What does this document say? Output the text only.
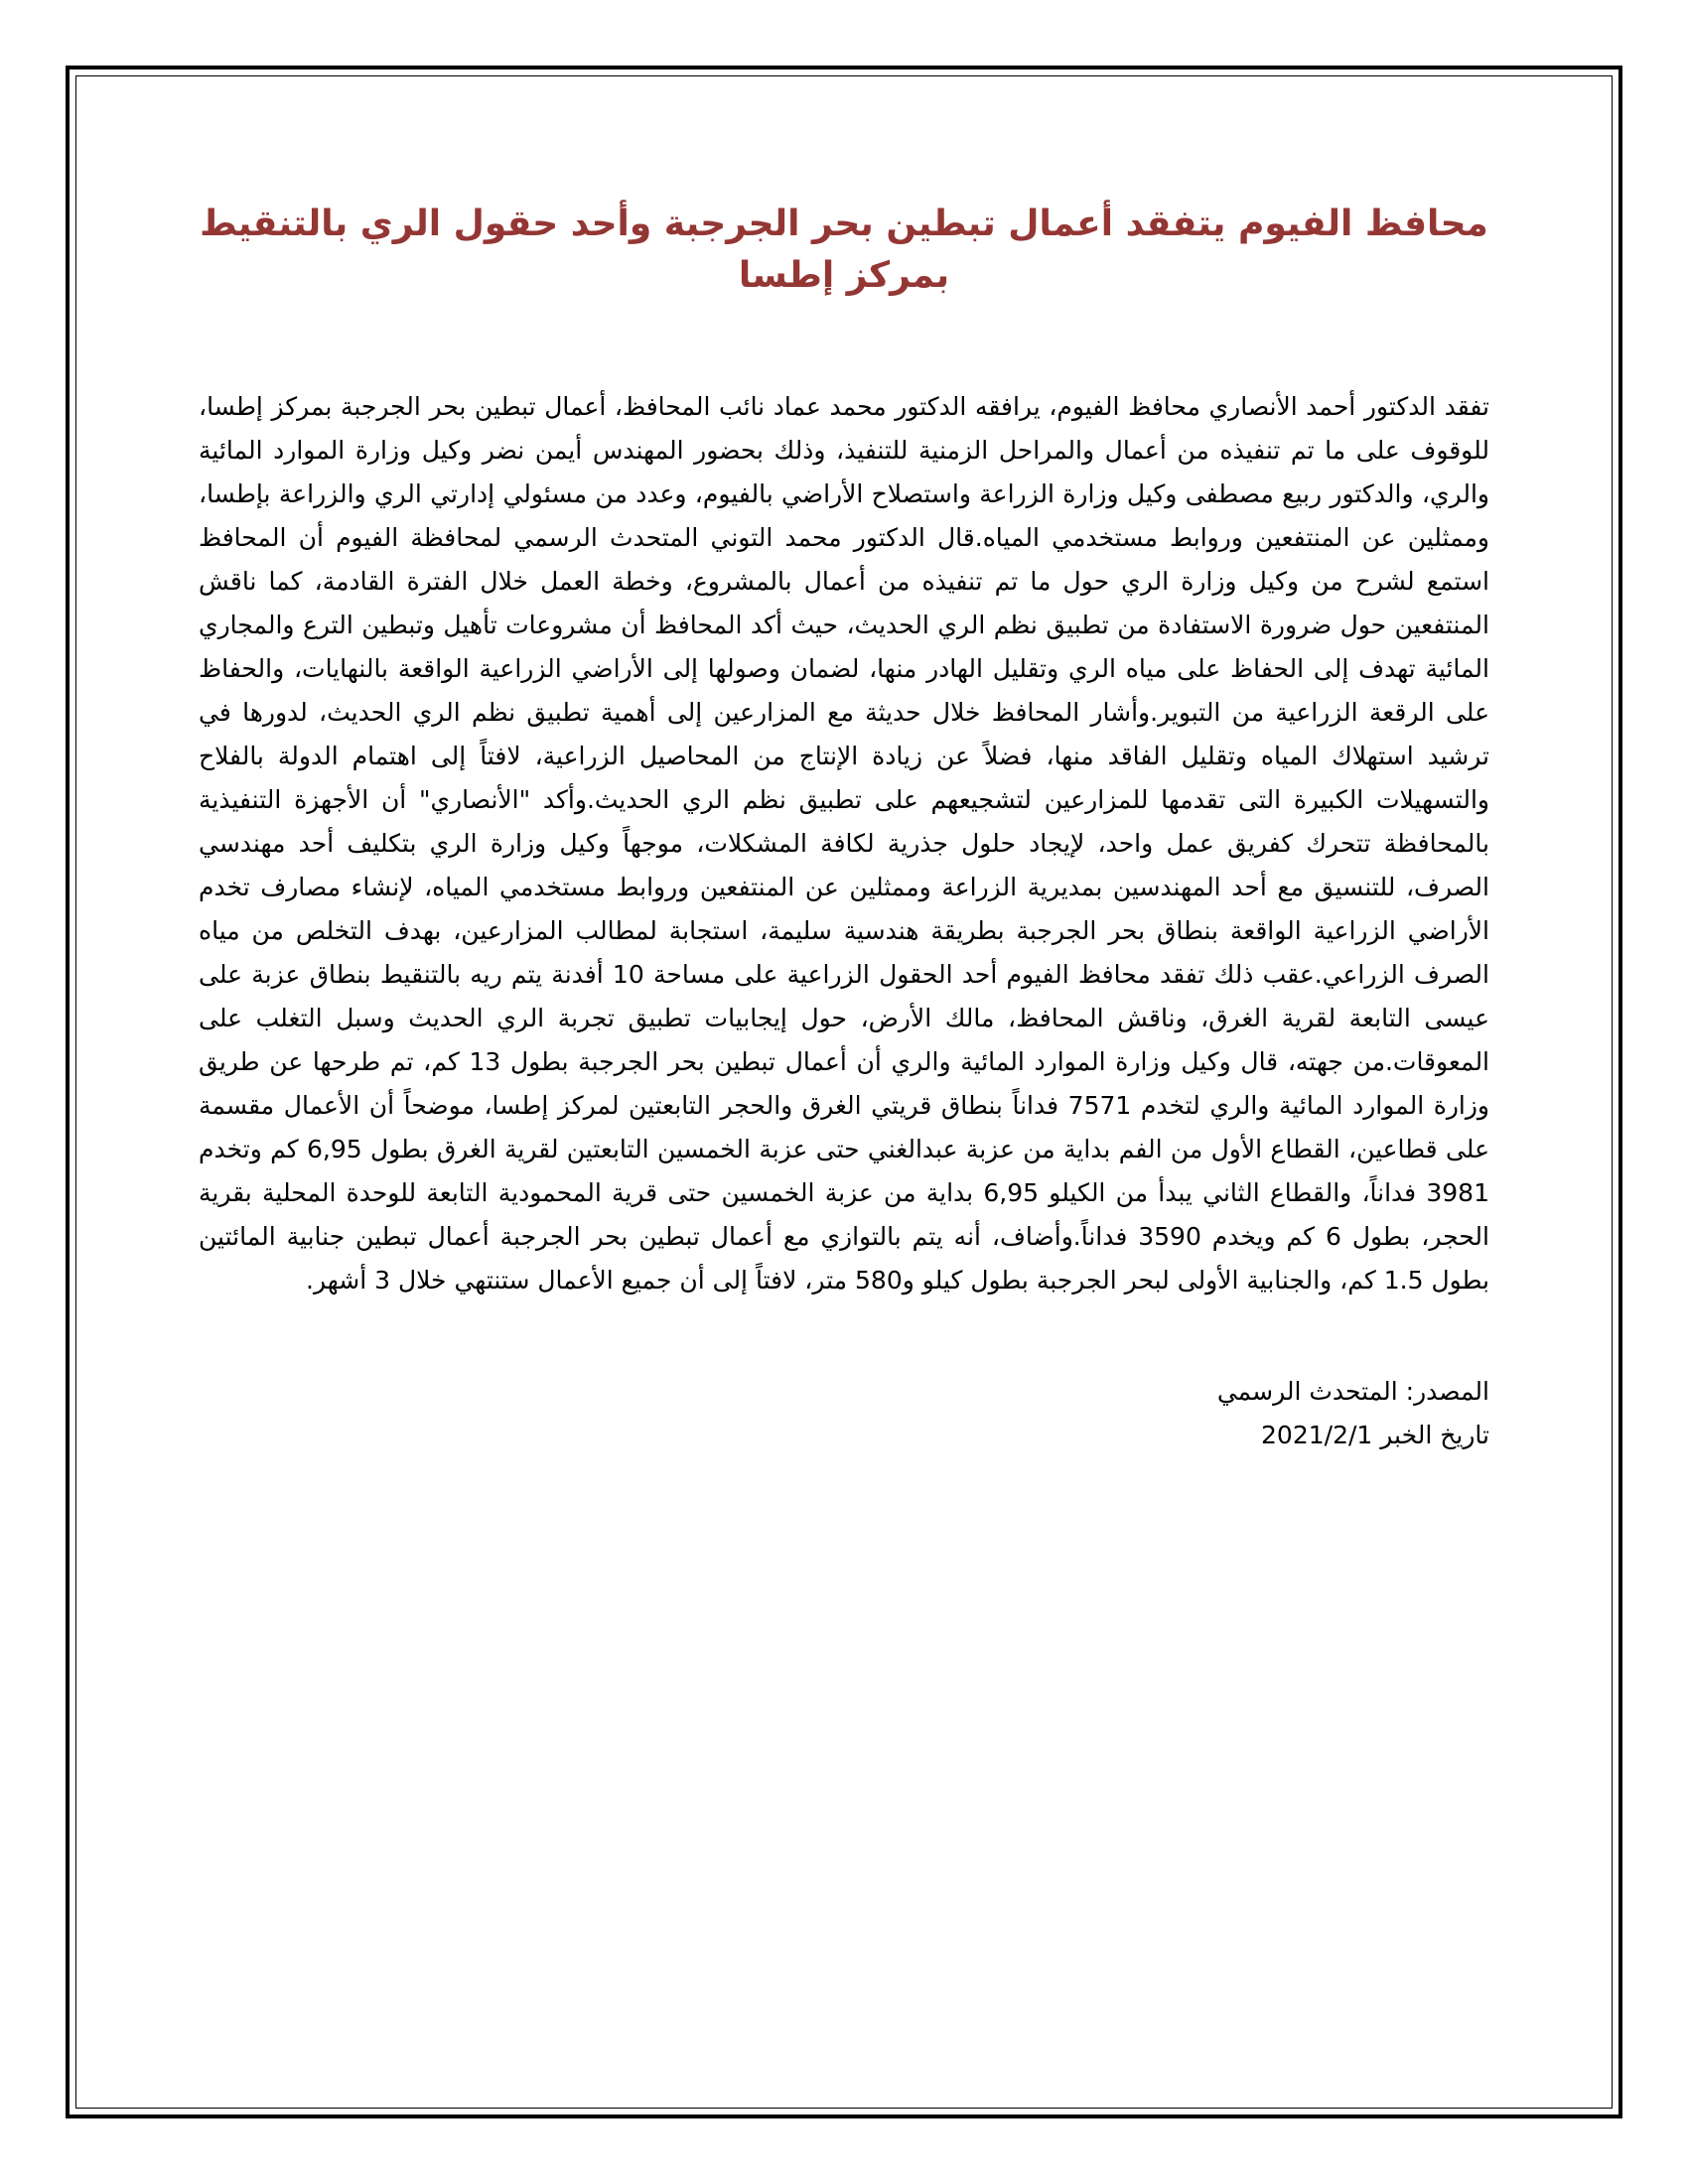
محافظ الفيوم يتفقد أعمال تبطين بحر الجرجبة وأحد حقول الري بالتنقيط بمركز إطسا

تفقد الدكتور أحمد الأنصاري محافظ الفيوم، يرافقه الدكتور محمد عماد نائب المحافظ، أعمال تبطين بحر الجرجبة بمركز إطسا، للوقوف على ما تم تنفيذه من أعمال والمراحل الزمنية للتنفيذ، وذلك بحضور المهندس أيمن نضر وكيل وزارة الموارد المائية والري، والدكتور ربيع مصطفى وكيل وزارة الزراعة واستصلاح الأراضي بالفيوم، وعدد من مسئولي إدارتي الري والزراعة بإطسا، وممثلين عن المنتفعين وروابط مستخدمي المياه.قال الدكتور محمد التوني المتحدث الرسمي لمحافظة الفيوم أن المحافظ استمع لشرح من وكيل وزارة الري حول ما تم تنفيذه من أعمال بالمشروع، وخطة العمل خلال الفترة القادمة، كما ناقش المنتفعين حول ضرورة الاستفادة من تطبيق نظم الري الحديث، حيث أكد المحافظ أن مشروعات تأهيل وتبطين الترع والمجاري المائية تهدف إلى الحفاظ على مياه الري وتقليل الهادر منها، لضمان وصولها إلى الأراضي الزراعية الواقعة بالنهايات، والحفاظ على الرقعة الزراعية من التبوير.وأشار المحافظ خلال حديثة مع المزارعين إلى أهمية تطبيق نظم الري الحديث، لدورها في ترشيد استهلاك المياه وتقليل الفاقد منها، فضلاً عن زيادة الإنتاج من المحاصيل الزراعية، لافتاً إلى اهتمام الدولة بالفلاح والتسهيلات الكبيرة التى تقدمها للمزارعين لتشجيعهم على تطبيق نظم الري الحديث.وأكد "الأنصاري" أن الأجهزة التنفيذية بالمحافظة تتحرك كفريق عمل واحد، لإيجاد حلول جذرية لكافة المشكلات، موجهاً وكيل وزارة الري بتكليف أحد مهندسي الصرف، للتنسيق مع أحد المهندسين بمديرية الزراعة وممثلين عن المنتفعين وروابط مستخدمي المياه، لإنشاء مصارف تخدم الأراضي الزراعية الواقعة بنطاق بحر الجرجبة بطريقة هندسية سليمة، استجابة لمطالب المزارعين، بهدف التخلص من مياه الصرف الزراعي.عقب ذلك تفقد محافظ الفيوم أحد الحقول الزراعية على مساحة 10 أفدنة يتم ريه بالتنقيط بنطاق عزبة على عيسى التابعة لقرية الغرق، وناقش المحافظ، مالك الأرض، حول إيجابيات تطبيق تجربة الري الحديث وسبل التغلب على المعوقات.من جهته، قال وكيل وزارة الموارد المائية والري أن أعمال تبطين بحر الجرجبة بطول 13 كم، تم طرحها عن طريق وزارة الموارد المائية والري لتخدم 7571 فداناً بنطاق قريتي الغرق والحجر التابعتين لمركز إطسا، موضحاً أن الأعمال مقسمة على قطاعين، القطاع الأول من الفم بداية من عزبة عبدالغني حتى عزبة الخمسين التابعتين لقرية الغرق بطول 6,95 كم وتخدم 3981 فداناً، والقطاع الثاني يبدأ من الكيلو 6,95 بداية من عزبة الخمسين حتى قرية المحمودية التابعة للوحدة المحلية بقرية الحجر، بطول 6 كم ويخدم 3590 فداناً.وأضاف، أنه يتم بالتوازي مع أعمال تبطين بحر الجرجبة أعمال تبطين جنابية المائتين بطول 1.5 كم، والجنابية الأولى لبحر الجرجبة بطول كيلو و580 متر، لافتاً إلى أن جميع الأعمال ستنتهي خلال 3 أشهر.

المصدر: المتحدث الرسمي
تاريخ الخبر 2021/2/1
